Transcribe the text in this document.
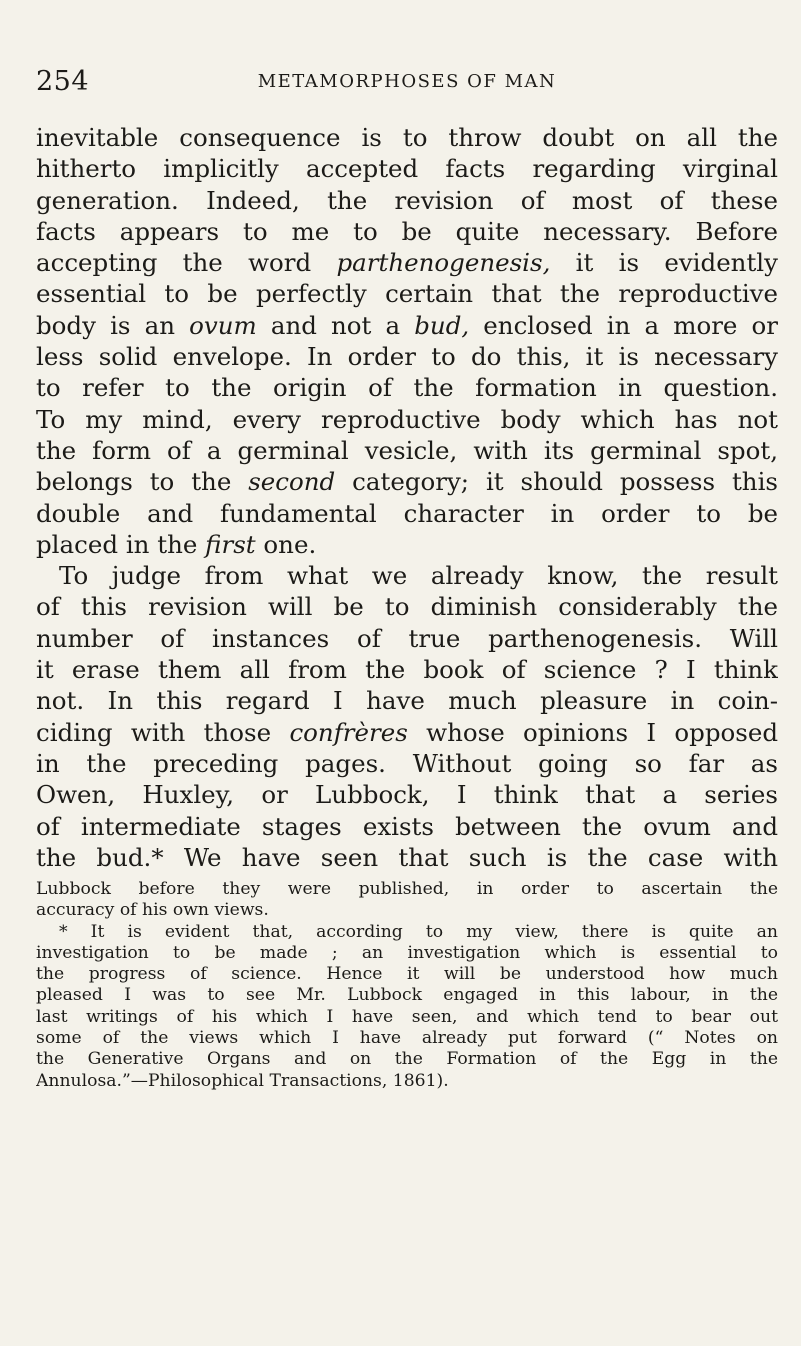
254	METAMORPHOSES OF MAN
inevitable consequence is to throw doubt on all the
hitherto implicitly accepted facts regarding virginal
generation. Indeed, the revision of most of these
facts appears to me to be quite necessary. Before
accepting the word parthenogenesis, it is evidently
essential to be perfectly certain that the reproductive
body is an ovum and not a bud, enclosed in a more or
less solid envelope. In order to do this, it is necessary
to refer to the origin of the formation in question.
To my mind, every reproductive body which has not
the form of a germinal vesicle, with its germinal spot,
belongs to the second category; it should possess this
double and fundamental character in order to be
placed in the first one.
To judge from what we already know, the result
of this revision will be to diminish considerably the
number of instances of true parthenogenesis. Will
it erase them all from the book of science ? I think
not. In this regard I have much pleasure in coin-
ciding with those confrères whose opinions I opposed
in the preceding pages. Without going so far as
Owen, Huxley, or Lubbock, I think that a series
of intermediate stages exists between the ovum and
the bud.* We have seen that such is the case with
Lubbock before they were published, in order to ascertain the
accuracy of his own views.
* It is evident that, according to my view, there is quite an
investigation to be made ; an investigation which is essential to
the progress of science. Hence it will be understood how much
pleased I was to see Mr. Lubbock engaged in this labour, in the
last writings of his which I have seen, and which tend to bear out
some of the views which I have already put forward (“ Notes on
the Generative Organs and on the Formation of the Egg in the
Annulosa.”—Philosophical Transactions, 1861).
